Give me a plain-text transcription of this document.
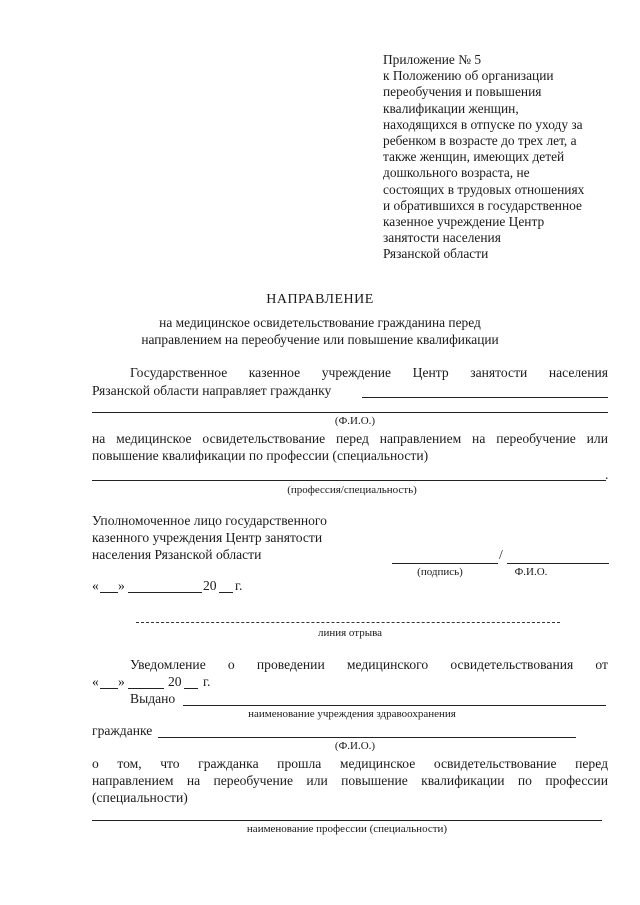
Приложение № 5
к Положению об организации
переобучения и повышения
квалификации женщин,
находящихся в отпуске по уходу за
ребенком в возрасте до трех лет, а
также женщин, имеющих детей
дошкольного возраста, не
состоящих в трудовых отношениях
и обратившихся в государственное
казенное учреждение Центр
занятости населения
Рязанской области
НАПРАВЛЕНИЕ
на медицинское освидетельствование гражданина перед
направлением на переобучение или повышение квалификации
Государственное казенное учреждение Центр занятости населения
Рязанской области направляет гражданку
(Ф.И.О.)
на медицинское освидетельствование перед направлением на переобучение или
повышение квалификации по профессии (специальности)
.
(профессия/специальность)
Уполномоченное лицо государственного
казенного учреждения Центр занятости
населения Рязанской области	/
(подпись)	Ф.И.О.
« »	20 г.
линия отрыва
Уведомление о проведении медицинского освидетельствования от
« »	20 г.
Выдано
наименование учреждения здравоохранения
гражданке
(Ф.И.О.)
о том, что гражданка прошла медицинское освидетельствование перед
направлением на переобучение или повышение квалификации по профессии
(специальности)
наименование профессии (специальности)
